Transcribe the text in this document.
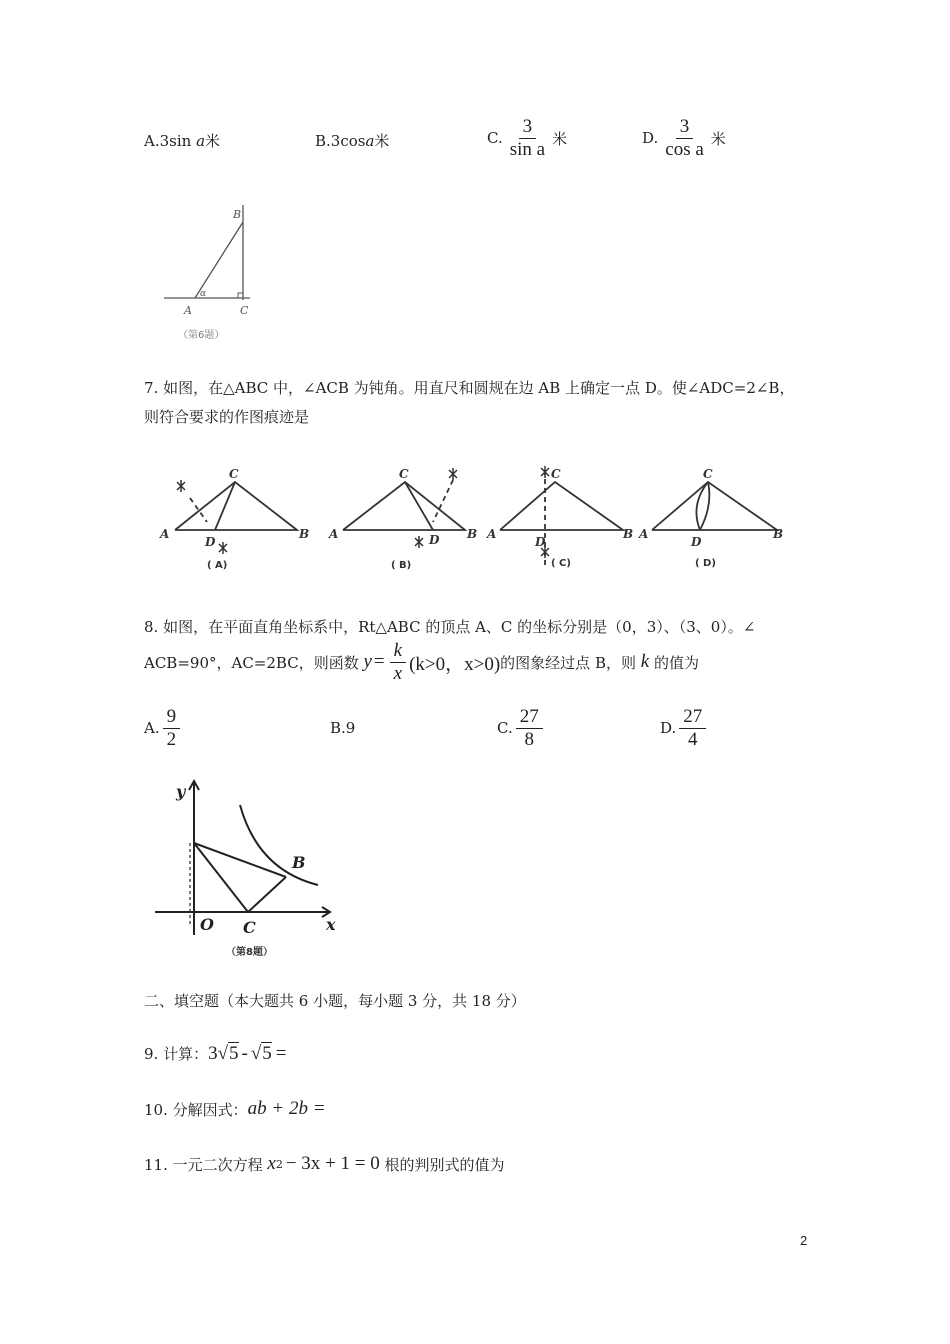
A.3sin
a 米	B.3cos a 米	C. $\frac{3}{\text{sin a}}$ 米	D. $\frac{3}{\text{cos a}}$ 米
B
A	C
α
（第6题）
7. 如图，在△ABC 中，∠ACB 为钝角。用直尺和圆规在边 AB 上确定一点 D。使∠ADC=2∠B，
则符合要求的作图痕迹是
C
A	B
D
C
A	B
D
C
A	B
D
C
A	B
D
( A)	( B)	( C)	( D)
8. 如图，在平面直角坐标系中，Rt△ABC 的顶点 A、C 的坐标分别是（0，3）、（3、0）。∠
ACB=90°，AC=2BC，则函数
$y = \frac{k}{x} (k>0$，x>0) 的图象经过点 B，则
k
的值为
A. $\frac{9}{2}$	B.9	C. $\frac{27}{8}$	D. $\frac{27}{4}$
y
x
O C
B
（第8题）
二、填空题（本大题共 6 小题，每小题 3 分，共 18 分）
9. 计算： 3 √ 5 - √ 5 =
10. 分解因式： ab + 2b =
11. 一元二次方程
x 2 − 3x + 1 = 0
根的判别式的值为
2
